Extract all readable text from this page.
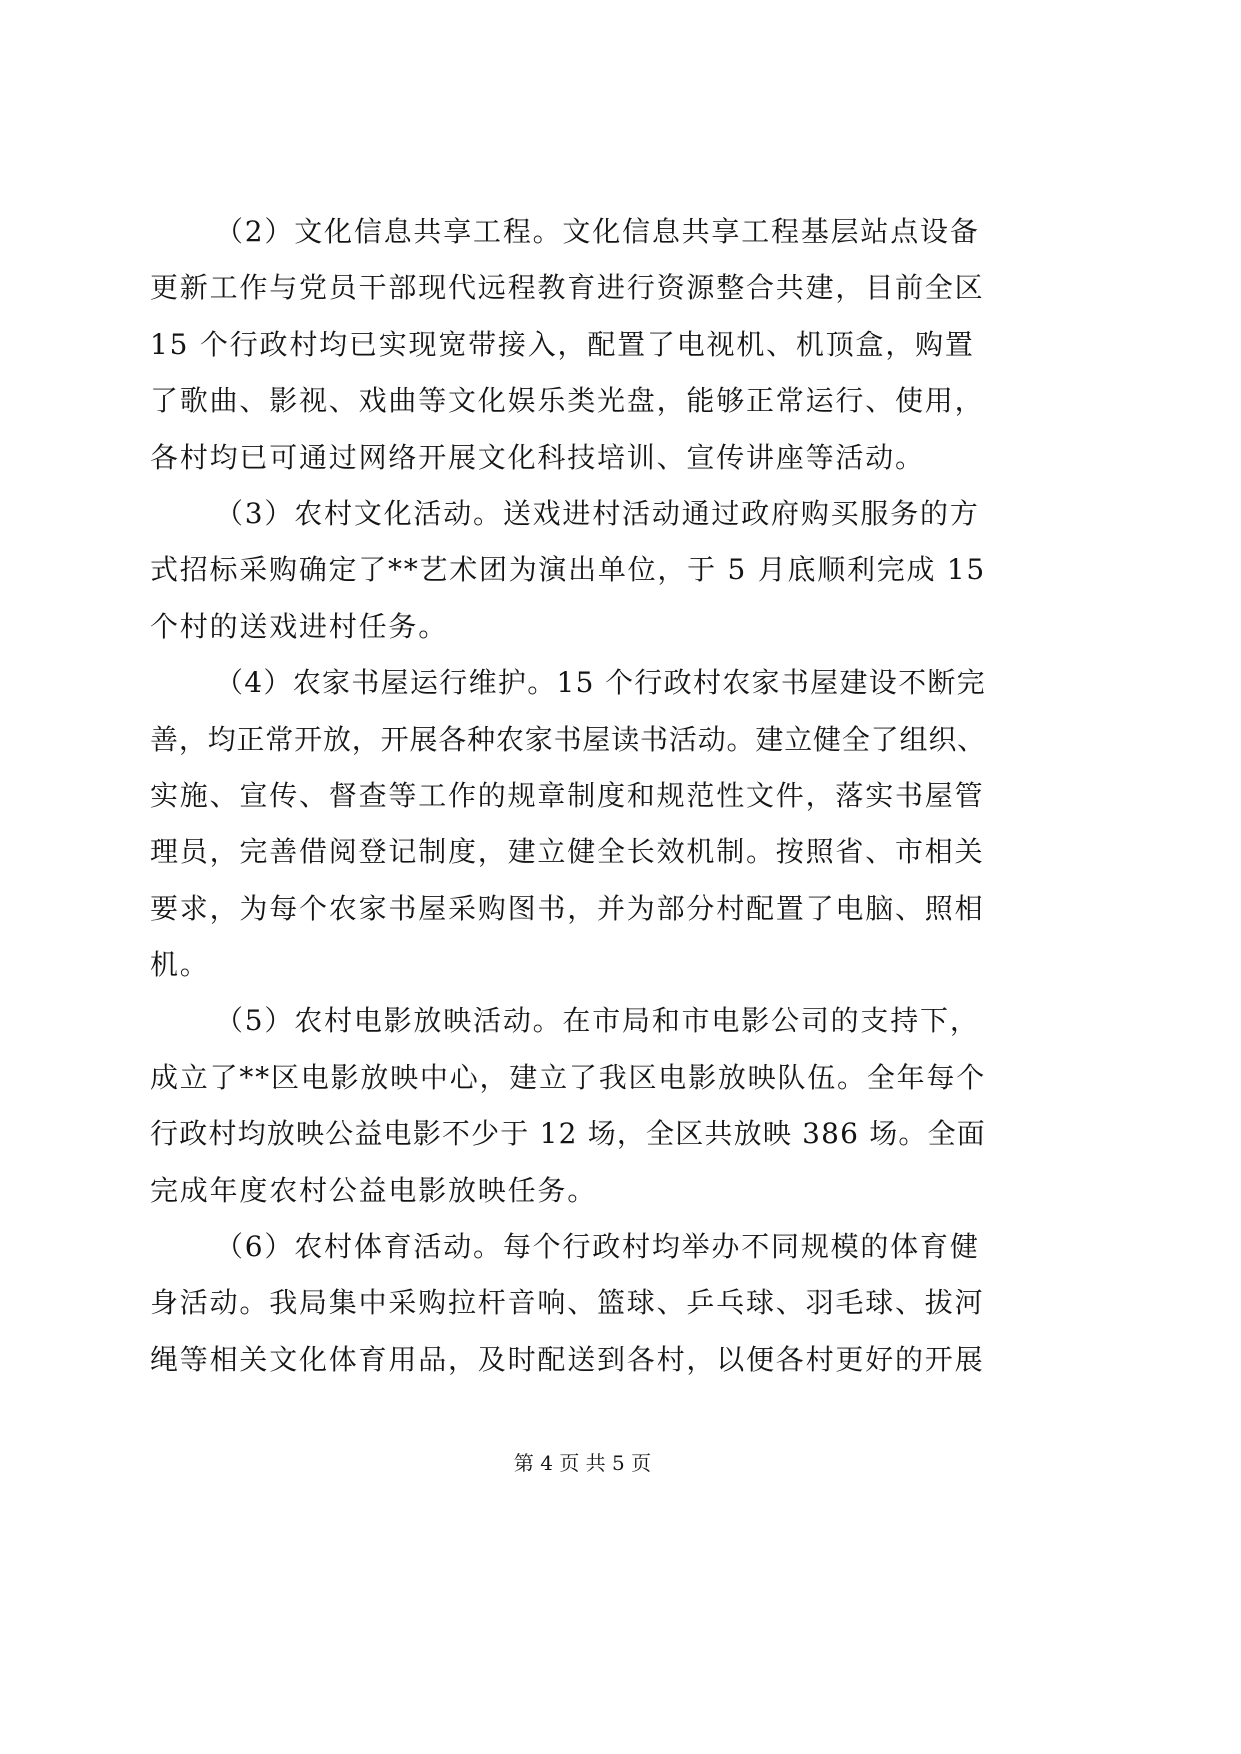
（2）文化信息共享工程。文化信息共享工程基层站点设备
更新工作与党员干部现代远程教育进行资源整合共建，目前全区
15 个行政村均已实现宽带接入，配置了电视机、机顶盒，购置
了歌曲、影视、戏曲等文化娱乐类光盘，能够正常运行、使用，
各村均已可通过网络开展文化科技培训、宣传讲座等活动。
（3）农村文化活动。送戏进村活动通过政府购买服务的方
式招标采购确定了**艺术团为演出单位，于 5 月底顺利完成 15
个村的送戏进村任务。
（4）农家书屋运行维护。15 个行政村农家书屋建设不断完
善，均正常开放，开展各种农家书屋读书活动。建立健全了组织、
实施、宣传、督查等工作的规章制度和规范性文件，落实书屋管
理员，完善借阅登记制度，建立健全长效机制。按照省、市相关
要求，为每个农家书屋采购图书，并为部分村配置了电脑、照相
机。
（5）农村电影放映活动。在市局和市电影公司的支持下，
成立了**区电影放映中心，建立了我区电影放映队伍。全年每个
行政村均放映公益电影不少于 12 场，全区共放映 386 场。全面
完成年度农村公益电影放映任务。
（6）农村体育活动。每个行政村均举办不同规模的体育健
身活动。我局集中采购拉杆音响、篮球、乒乓球、羽毛球、拔河
绳等相关文化体育用品，及时配送到各村，以便各村更好的开展
第 4 页 共 5 页
